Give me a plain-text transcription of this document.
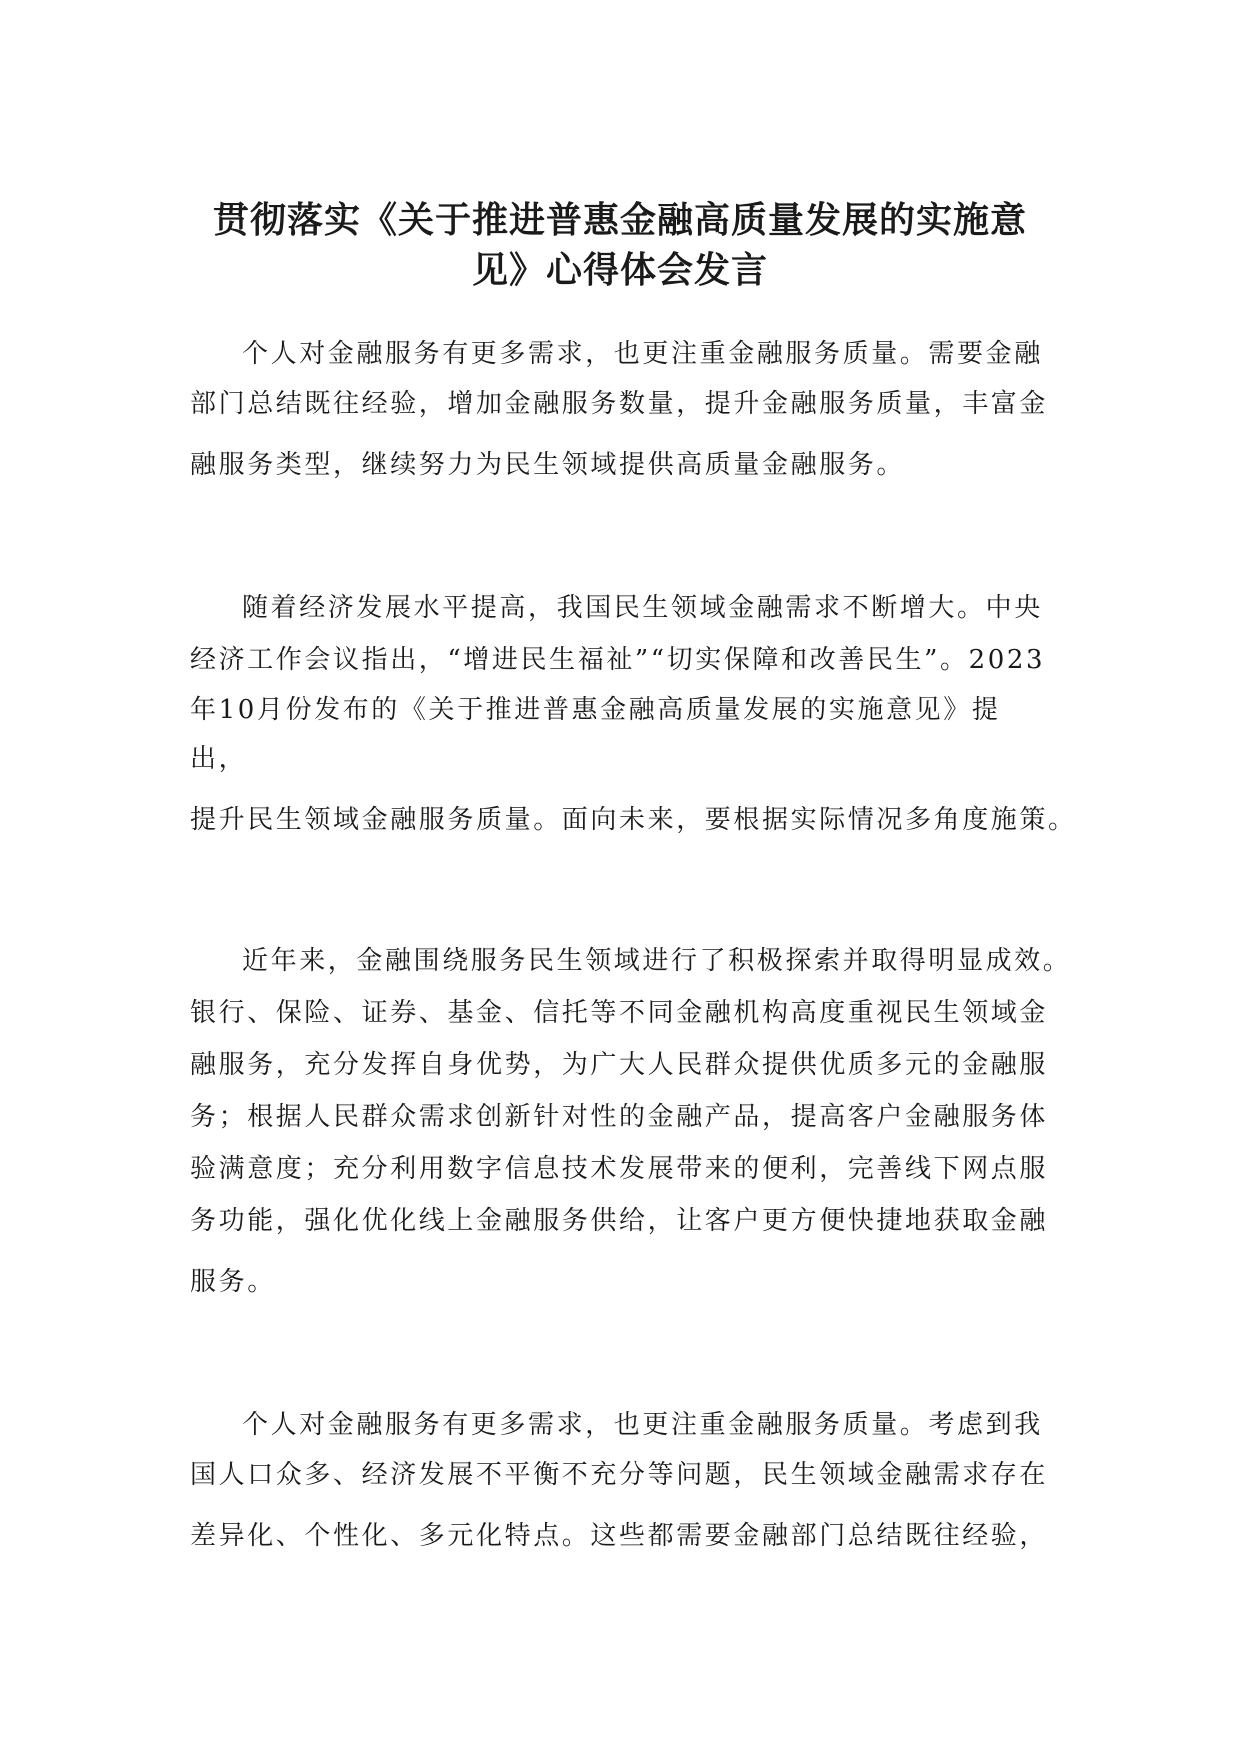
贯彻落实《关于推进普惠金融高质量发展的实施意
见》心得体会发言

个人对金融服务有更多需求，也更注重金融服务质量。需要金融

部门总结既往经验，增加金融服务数量，提升金融服务质量，丰富金

融服务类型，继续努力为民生领域提供高质量金融服务。

随着经济发展水平提高，我国民生领域金融需求不断增大。中央

经济工作会议指出，“增进民生福祉”“切实保障和改善民生”。2023

年10月份发布的《关于推进普惠金融高质量发展的实施意见》提

出，

提升民生领域金融服务质量。面向未来，要根据实际情况多角度施策。

近年来，金融围绕服务民生领域进行了积极探索并取得明显成效。

银行、保险、证券、基金、信托等不同金融机构高度重视民生领域金

融服务，充分发挥自身优势，为广大人民群众提供优质多元的金融服

务；根据人民群众需求创新针对性的金融产品，提高客户金融服务体

验满意度；充分利用数字信息技术发展带来的便利，完善线下网点服

务功能，强化优化线上金融服务供给，让客户更方便快捷地获取金融

服务。

个人对金融服务有更多需求，也更注重金融服务质量。考虑到我

国人口众多、经济发展不平衡不充分等问题，民生领域金融需求存在

差异化、个性化、多元化特点。这些都需要金融部门总结既往经验，
